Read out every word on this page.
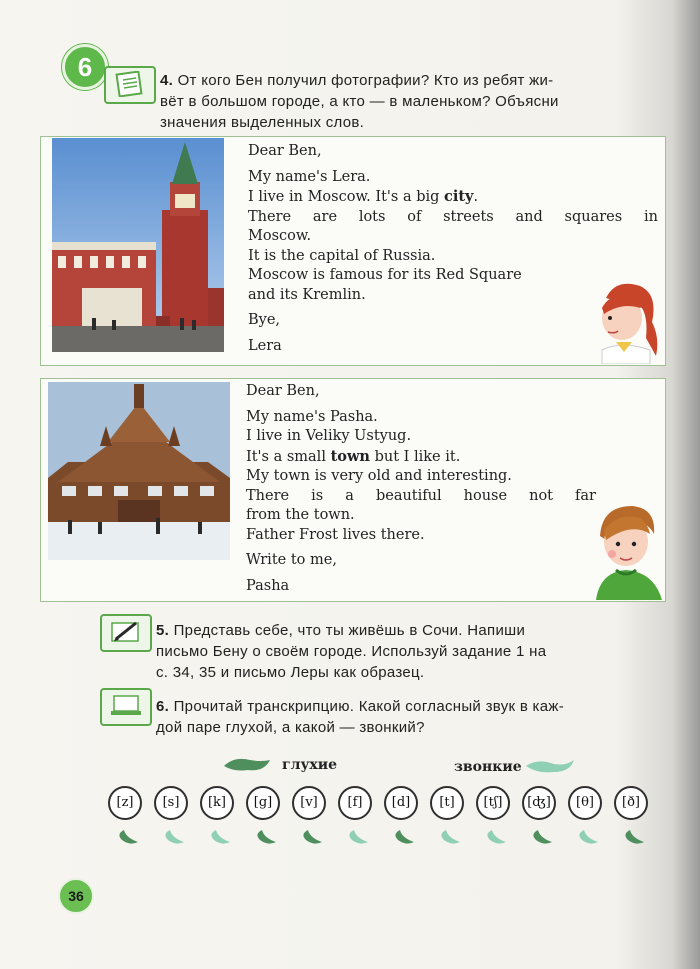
6	4. От кого Бен получил фотографии? Кто из ребят жи-
вёт в большом городе, а кто — в маленьком? Объясни
значения выделенных слов.
Dear Ben,
My name's Lera.
I live in Moscow. It's a big city.
There are lots of streets and squares in
Moscow.
It is the capital of Russia.
Moscow is famous for its Red Square
and its Kremlin.
Bye,
Lera
Dear Ben,
My name's Pasha.
I live in Veliky Ustyug.
It's a small town but I like it.
My town is very old and interesting.
There is a beautiful house not far
from the town.
Father Frost lives there.
Write to me,
Pasha
5. Представь себе, что ты живёшь в Сочи. Напиши
письмо Бену о своём городе. Используй задание 1 на
с. 34, 35 и письмо Леры как образец.
6. Прочитай транскрипцию. Какой согласный звук в каж-
дой паре глухой, а какой — звонкий?
глухие	звонкие
[z]	[s]	[k]	[g]	[v]	[f]	[d]	[t]	[tʃ]	[ʤ]	[θ]	[ð]
36
